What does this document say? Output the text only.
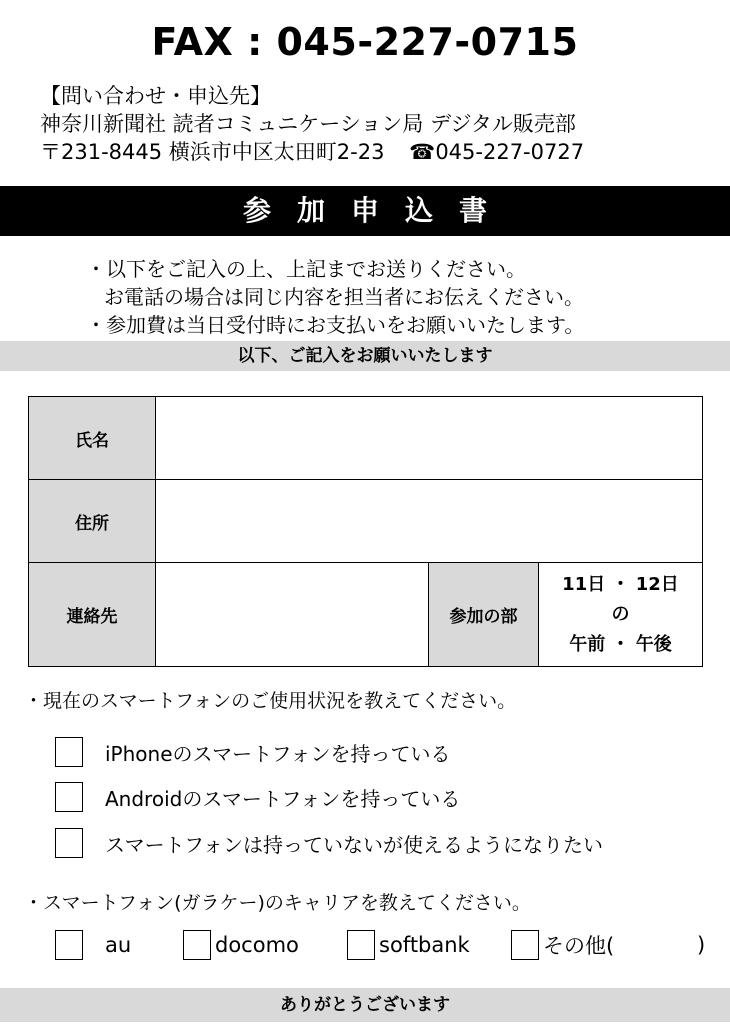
FAX : 045-227-0715
【問い合わせ・申込先】
神奈川新聞社 読者コミュニケーション局 デジタル販売部
〒231-8445 横浜市中区太田町2-23 ☎045-227-0727
参加申込書
・以下をご記入の上、上記までお送りください。
お電話の場合は同じ内容を担当者にお伝えください。
・参加費は当日受付時にお支払いをお願いいたします。
以下、ご記入をお願いいたします
氏名			
住所			
連絡先		参加の部	11日 ・ 12日
の
午前 ・ 午後
・現在のスマートフォンのご使用状況を教えてください。
iPhoneのスマートフォンを持っている
Androidのスマートフォンを持っている
スマートフォンは持っていないが使えるようになりたい
・スマートフォン(ガラケー)のキャリアを教えてください。
au	docomo	softbank	その他(	)
ありがとうございます
